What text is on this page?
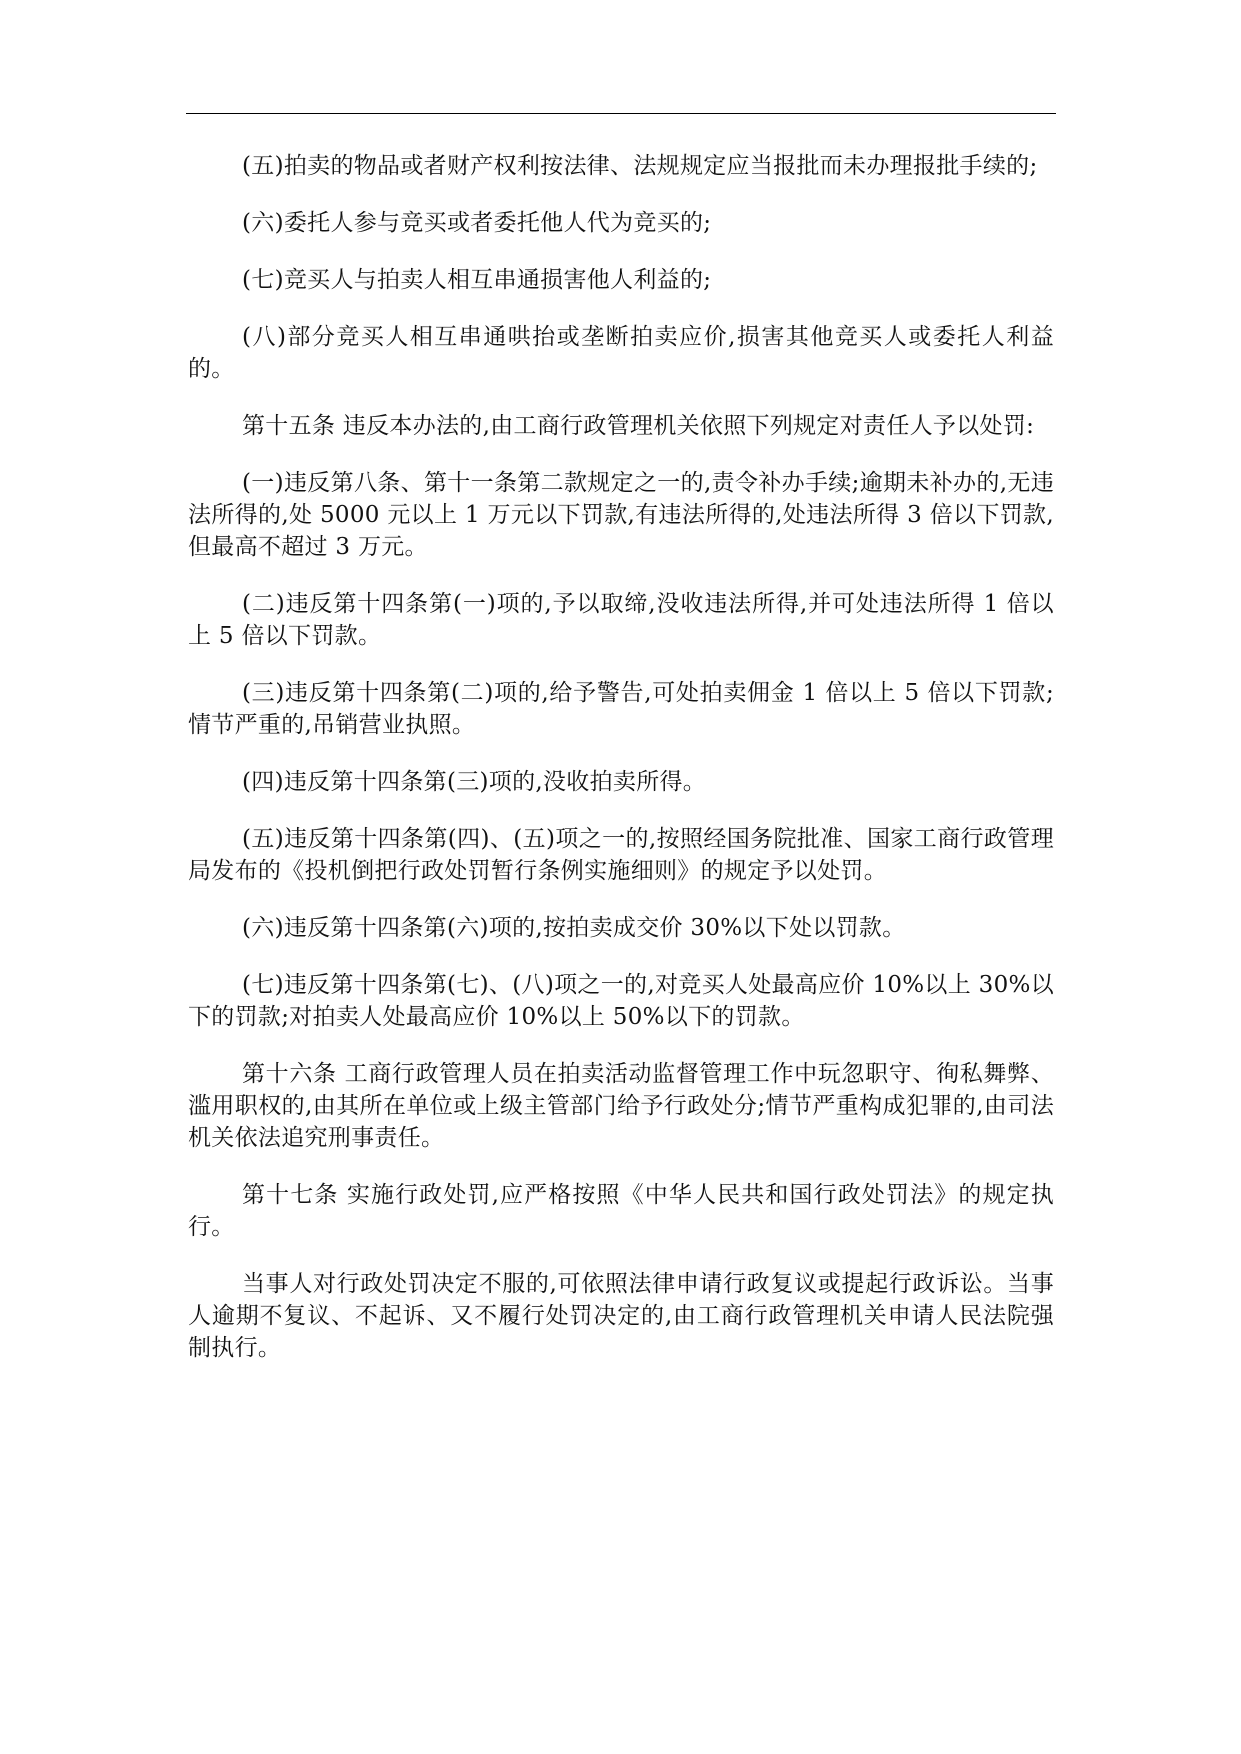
(五)拍卖的物品或者财产权利按法律、法规规定应当报批而未办理报批手续的;

(六)委托人参与竞买或者委托他人代为竞买的;

(七)竞买人与拍卖人相互串通损害他人利益的;

(八)部分竞买人相互串通哄抬或垄断拍卖应价,损害其他竞买人或委托人利益的。

第十五条 违反本办法的,由工商行政管理机关依照下列规定对责任人予以处罚:

(一)违反第八条、第十一条第二款规定之一的,责令补办手续;逾期未补办的,无违法所得的,处 5000 元以上 1 万元以下罚款,有违法所得的,处违法所得 3 倍以下罚款,但最高不超过 3 万元。

(二)违反第十四条第(一)项的,予以取缔,没收违法所得,并可处违法所得 1 倍以上 5 倍以下罚款。

(三)违反第十四条第(二)项的,给予警告,可处拍卖佣金 1 倍以上 5 倍以下罚款;情节严重的,吊销营业执照。

(四)违反第十四条第(三)项的,没收拍卖所得。

(五)违反第十四条第(四)、(五)项之一的,按照经国务院批准、国家工商行政管理局发布的《投机倒把行政处罚暂行条例实施细则》的规定予以处罚。

(六)违反第十四条第(六)项的,按拍卖成交价 30%以下处以罚款。

(七)违反第十四条第(七)、(八)项之一的,对竞买人处最高应价 10%以上 30%以下的罚款;对拍卖人处最高应价 10%以上 50%以下的罚款。

第十六条 工商行政管理人员在拍卖活动监督管理工作中玩忽职守、徇私舞弊、滥用职权的,由其所在单位或上级主管部门给予行政处分;情节严重构成犯罪的,由司法机关依法追究刑事责任。

第十七条 实施行政处罚,应严格按照《中华人民共和国行政处罚法》的规定执行。

当事人对行政处罚决定不服的,可依照法律申请行政复议或提起行政诉讼。当事人逾期不复议、不起诉、又不履行处罚决定的,由工商行政管理机关申请人民法院强制执行。
